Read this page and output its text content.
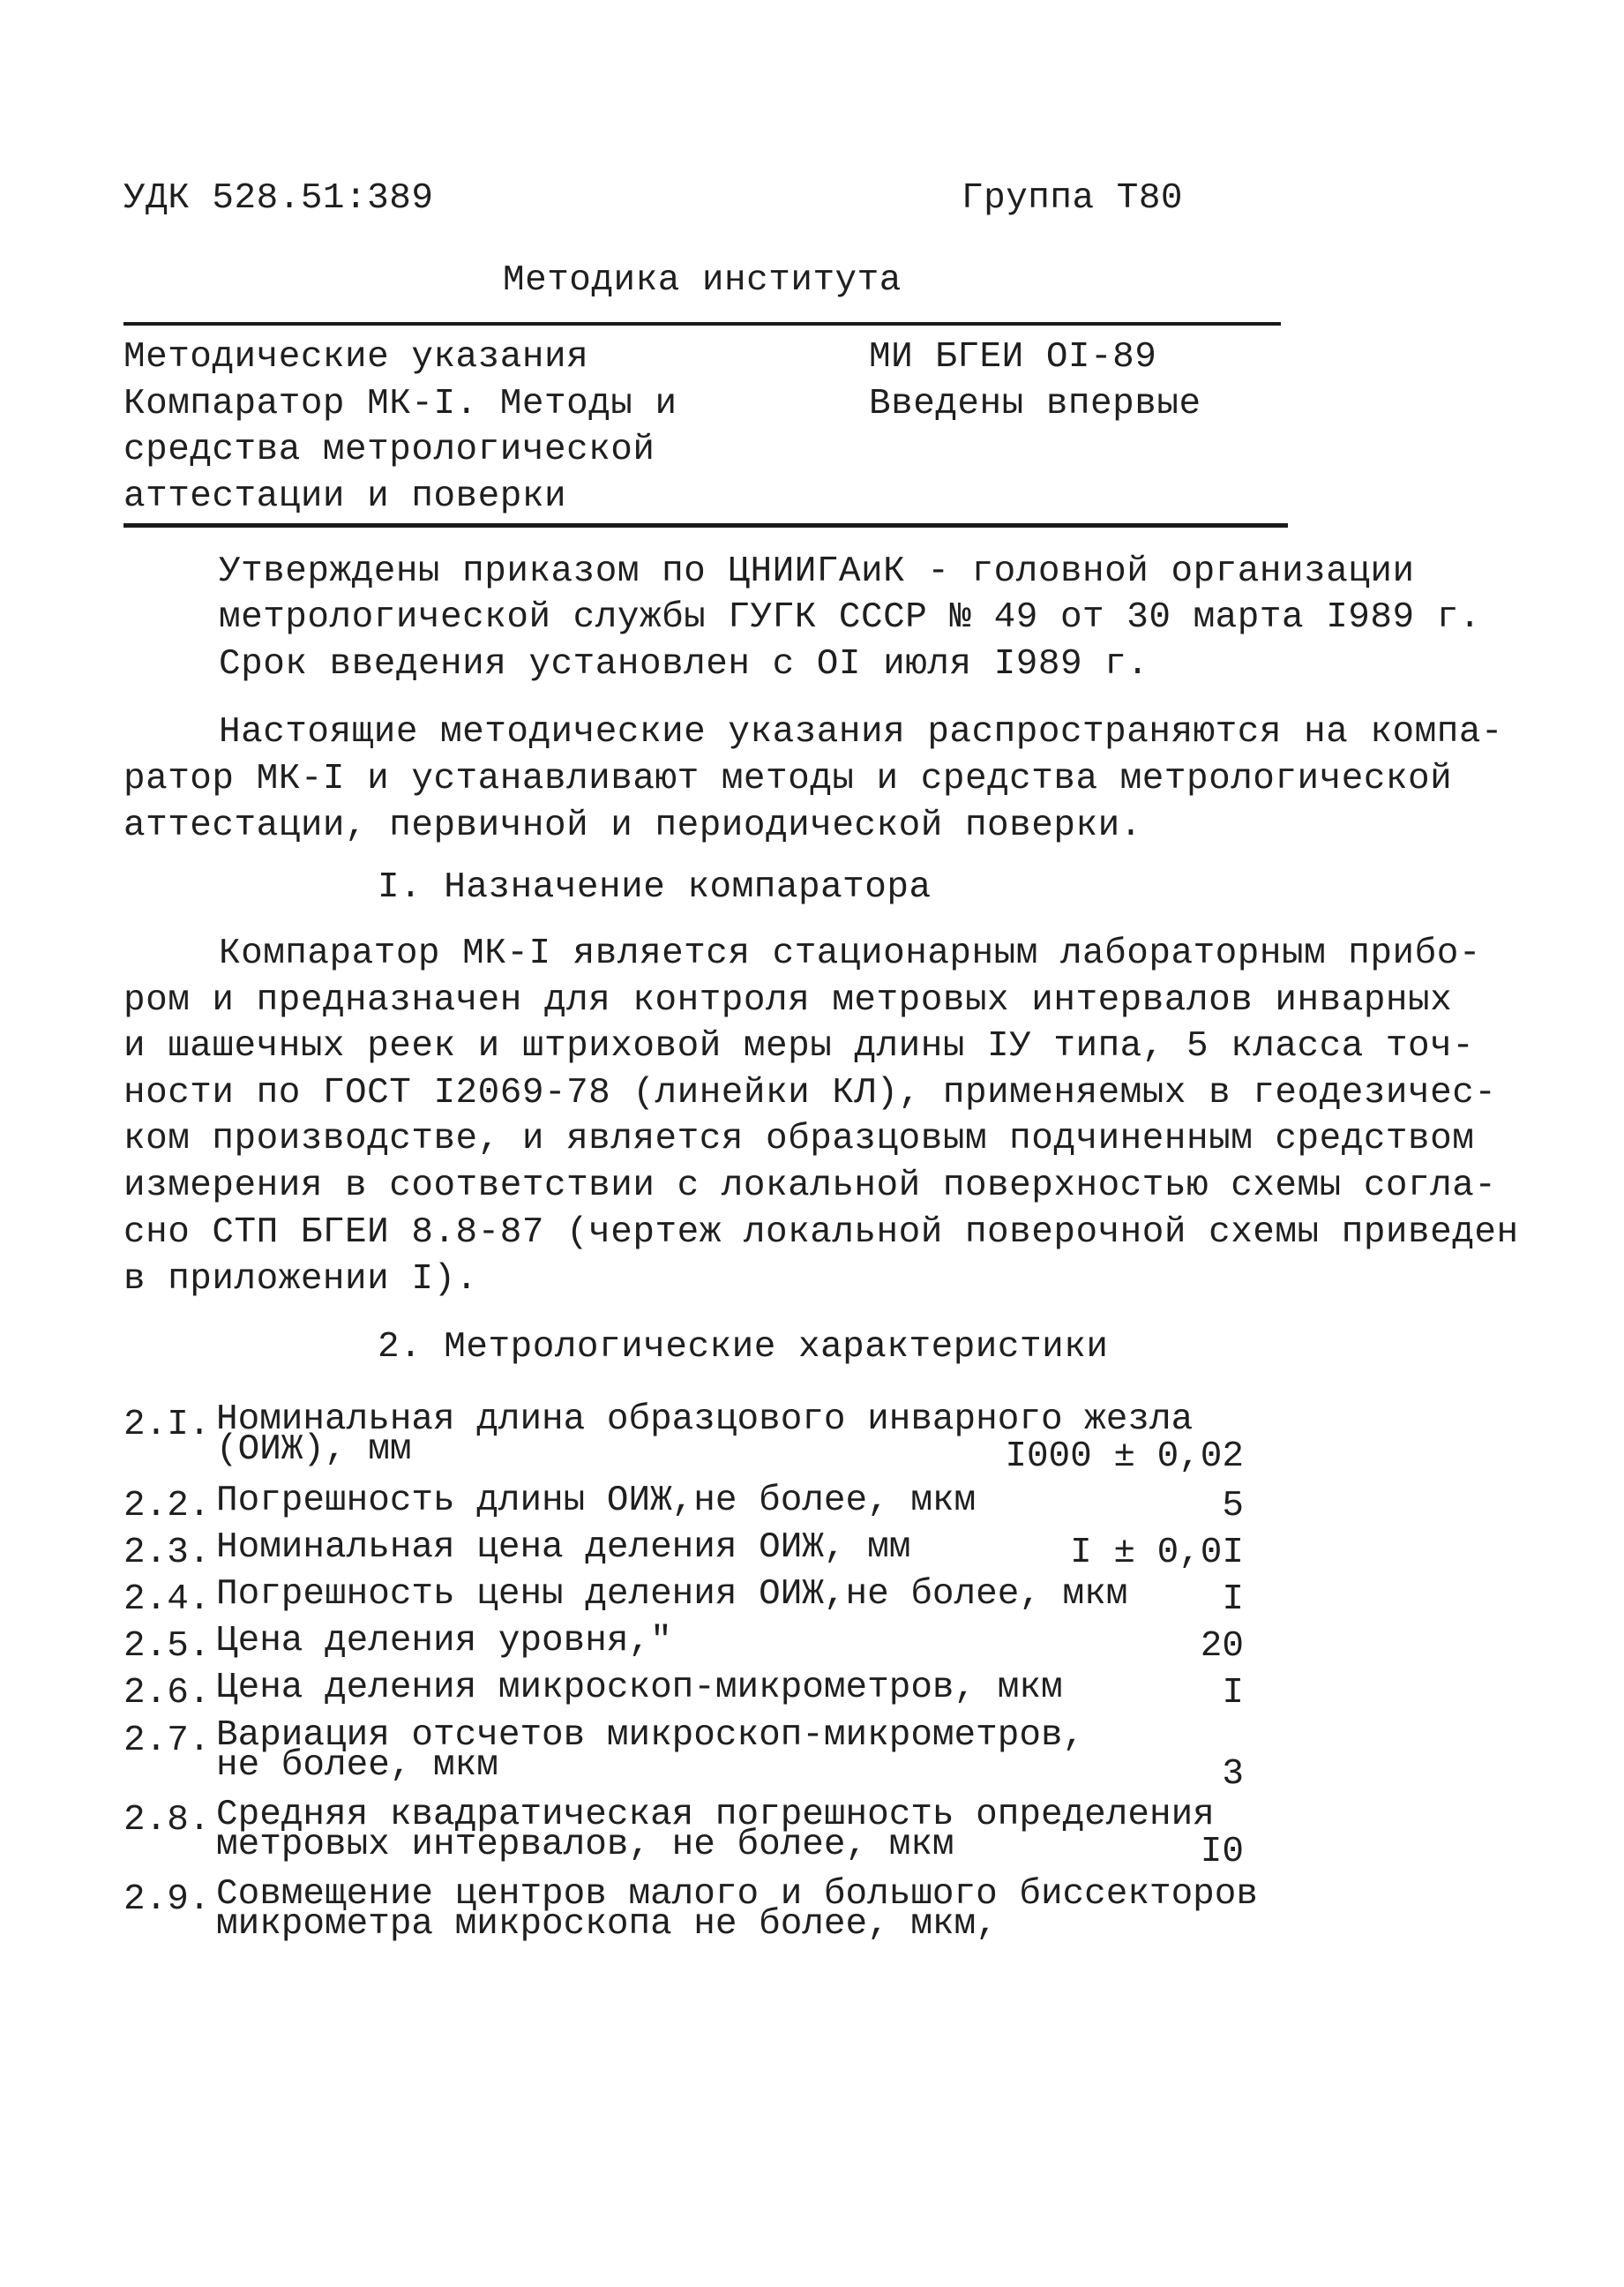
УДК 528.51:389	Группа Т80
Методика института
Методические указания
Компаратор МК-I. Методы и
средства метрологической
аттестации и поверки
МИ БГЕИ OI-89
Введены впервые
Утверждены приказом по ЦНИИГАиК - головной организации
метрологической службы ГУГК СССР № 49 от 30 марта I989 г.
Срок введения установлен с OI июля I989 г.
Настоящие методические указания распространяются на компа-
ратор МК-I и устанавливают методы и средства метрологической
аттестации, первичной и периодической поверки.
I. Назначение компаратора
Компаратор МК-I является стационарным лабораторным прибо-
ром и предназначен для контроля метровых интервалов инварных
и шашечных реек и штриховой меры длины IУ типа, 5 класса точ-
ности по ГОСТ I2069-78 (линейки КЛ), применяемых в геодезичес-
ком производстве, и является образцовым подчиненным средством
измерения в соответствии с локальной поверхностью схемы согла-
сно СТП БГЕИ 8.8-87 (чертеж локальной поверочной схемы приведен
в приложении I).
2. Метрологические характеристики
2.I. Номинальная длина образцового инварного жезла
(ОИЖ), мм	I000 ± 0,02
2.2. Погрешность длины ОИЖ,не более, мкм	5
2.3. Номинальная цена деления ОИЖ, мм	I ± 0,0I
2.4. Погрешность цены деления ОИЖ,не более, мкм	I
2.5. Цена деления уровня,"	20
2.6. Цена деления микроскоп-микрометров, мкм	I
2.7. Вариация отсчетов микроскоп-микрометров,
не более, мкм	3
2.8. Средняя квадратическая погрешность определения
метровых интервалов, не более, мкм	I0
2.9. Совмещение центров малого и большого биссекторов
микрометра микроскопа не более, мкм,
